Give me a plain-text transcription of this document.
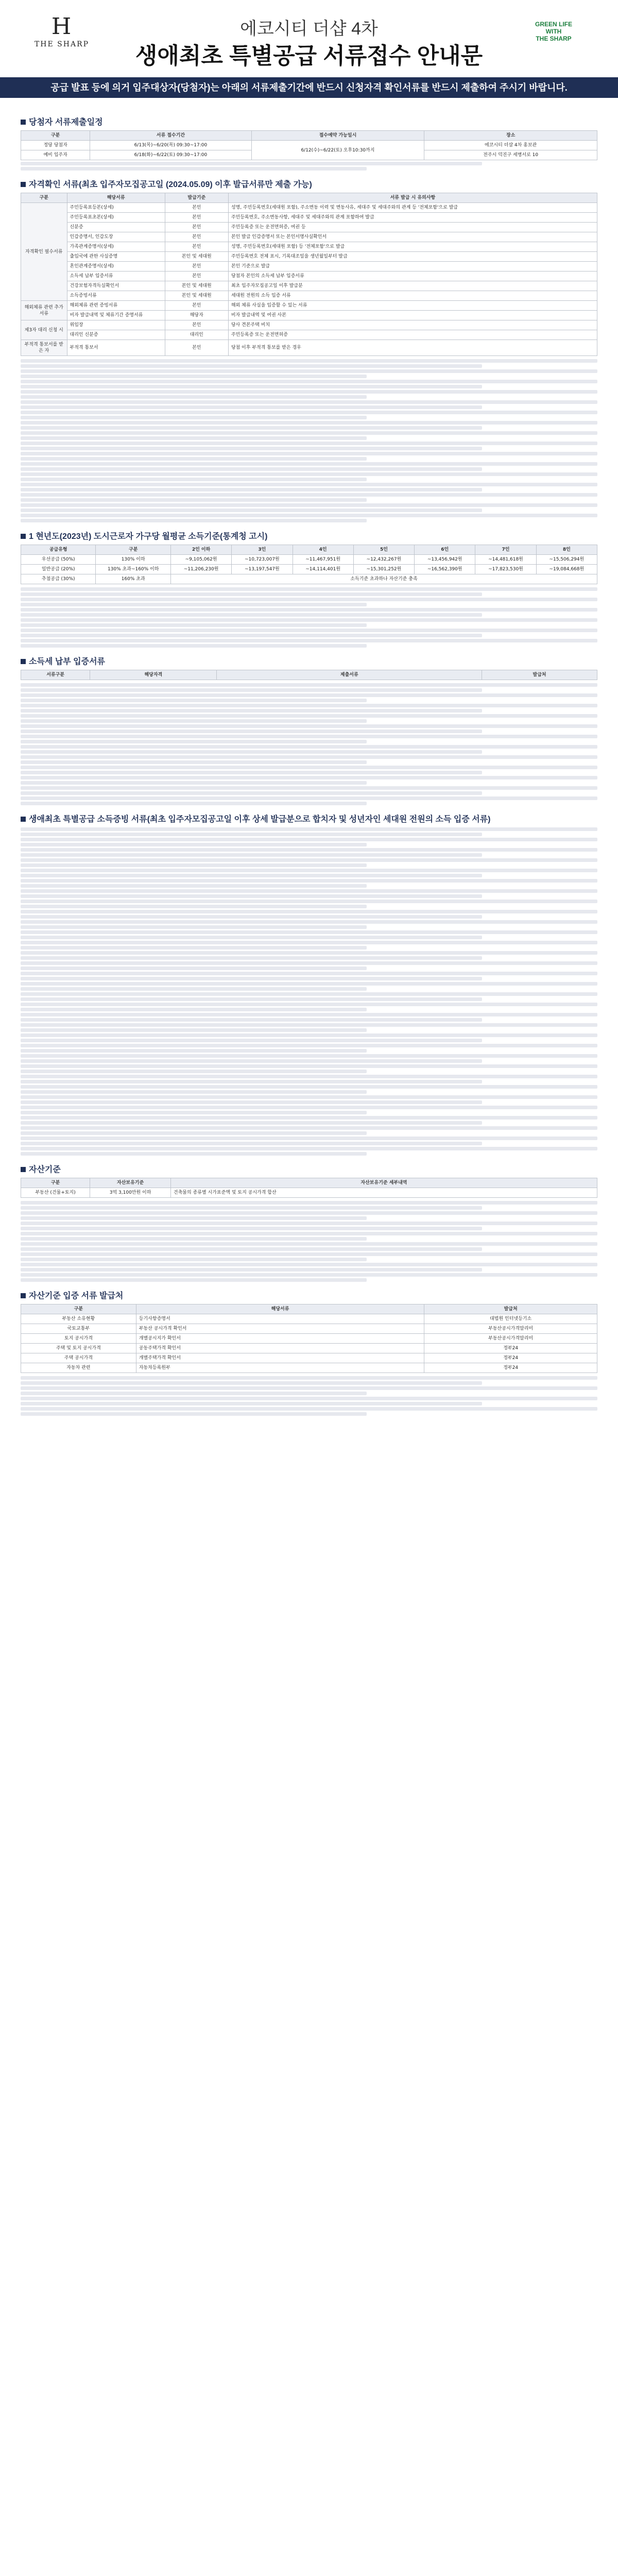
H
THE SHARP
에코시티 더샵 4차
생애최초 특별공급 서류접수 안내문
GREEN LIFE
WITH
THE SHARP
공급 발표 등에 의거 입주대상자(당첨자)는 아래의 서류제출기간에 반드시 신청자격 확인서류를 반드시 제출하여 주시기 바랍니다.
당첨자 서류제출일정
구분	서류 접수기간	접수예약 가능일시	장소
정당 당첨자	6/13(목)~6/20(목) 09:30~17:00	6/12(수)~6/22(토) 오후10:30까지	에코시티 더샵 4차 홍보관
예비 입주자	6/18(화)~6/22(토) 09:30~17:00		전주시 덕진구 세병서로 10
자격확인 서류(최초 입주자모집공고일 (2024.05.09) 이후 발급서류만 제출 가능)
구분	해당서류	발급기준	서류 발급 시 유의사항
자격확인 필수서류	주민등록표등본(상세)	본인	성명, 주민등록번호(세대원 포함), 주소변동 이력 및 변동사유, 세대주 및 세대주와의 관계 등 '전체포함'으로 발급
	주민등록표초본(상세)	본인	주민등록번호, 주소변동사항, 세대주 및 세대주와의 관계 포함하여 발급
	신분증	본인	주민등록증 또는 운전면허증, 여권 등
	인감증명서, 인감도장	본인	본인 발급 인감증명서 또는 본인서명사실확인서
	가족관계증명서(상세)	본인	성명, 주민등록번호(세대원 포함) 등 '전체포함'으로 발급
	출입국에 관한 사실증명	본인 및 세대원	주민등록번호 전체 표시, 기록대조일을 생년월일부터 발급
	혼인관계증명서(상세)	본인	본인 기준으로 발급
	소득세 납부 입증서류	본인	당첨자 본인의 소득세 납부 입증서류
	건강보험자격득실확인서	본인 및 세대원	최초 입주자모집공고일 이후 발급분
	소득증빙서류	본인 및 세대원	세대원 전원의 소득 입증 서류
해외체류 관련 추가서류	해외체류 관련 증빙서류	본인	해외 체류 사실을 입증할 수 있는 서류
	비자 발급내역 및 체류기간 증명서류	해당자	비자 발급내역 및 여권 사본
제3자 대리 신청 시	위임장	본인	당사 견본주택 비치
	대리인 신분증	대리인	주민등록증 또는 운전면허증
부적격 통보서를 받은 자	부적격 통보서	본인	당첨 이후 부적격 통보를 받은 경우
1 현년도(2023년) 도시근로자 가구당 월평균 소득기준(통계청 고시)
공급유형	구분	2인 이하	3인	4인	5인	6인	7인	8인
우선공급 (50%)	130% 이하	~9,105,062원	~10,723,007원	~11,467,951원	~12,432,267원	~13,456,942원	~14,481,618원	~15,506,294원
일반공급 (20%)	130% 초과~160% 이하	~11,206,230원	~13,197,547원	~14,114,401원	~15,301,252원	~16,562,390원	~17,823,530원	~19,084,668원
추첨공급 (30%)	160% 초과	소득기준 초과하나 자산기준 충족						
소득세 납부 입증서류
서류구분	해당자격	제출서류	발급처
생애최초 특별공급 소득증빙 서류(최초 입주자모집공고일 이후 상세 발급분으로 합치자 및 성년자인 세대원 전원의 소득 입증 서류)
자산기준
구분	자산보유기준	자산보유기준 세부내역
부동산 (건물+토지)	3억 3,100만원 이하	건축물의 종류별 시가표준액 및 토지 공시가격 합산
자산기준 입증 서류 발급처
구분	해당서류	발급처
부동산 소유현황	등기사항증명서	대법원 인터넷등기소
국토교통부	부동산 공시가격 확인서	부동산공시가격알리미
토지 공시가격	개별공시지가 확인서	부동산공시가격알리미
주택 및 토지 공시가격	공동주택가격 확인서	정부24
주택 공시가격	개별주택가격 확인서	정부24
자동차 관련	자동차등록원부	정부24
